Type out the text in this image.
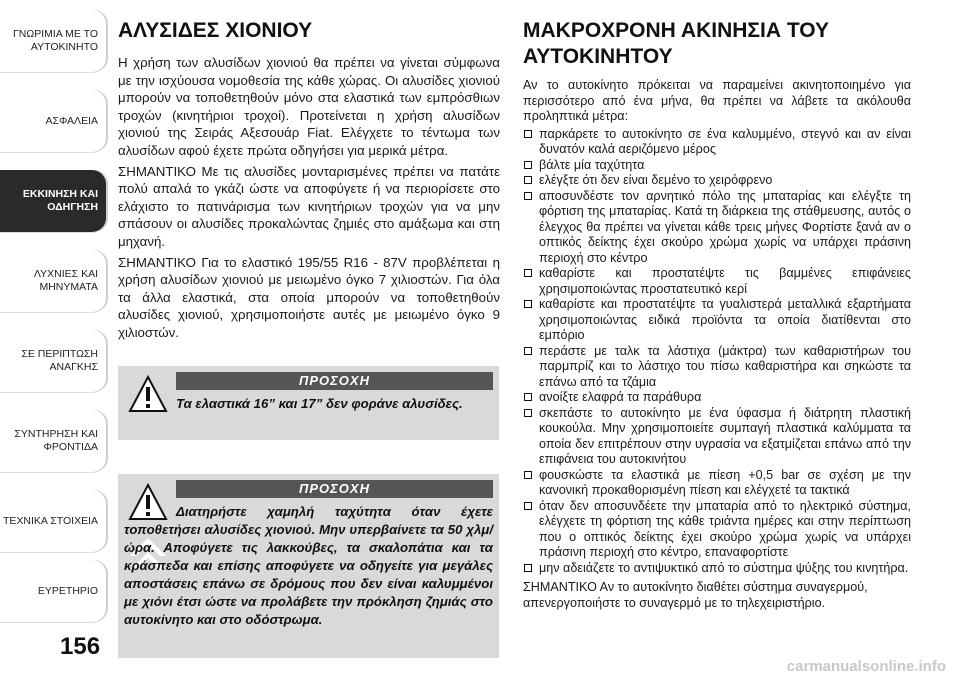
ΓΝΩΡΙΜΙΑ ΜΕ ΤΟ
ΑΥΤΟΚΙΝΗΤΟ
ΑΣΦΑΛΕΙΑ
ΕΚΚΙΝΗΣΗ ΚΑΙ
ΟΔΗΓΗΣΗ
ΛΥΧΝΙΕΣ ΚΑΙ
ΜΗΝΥΜΑΤΑ
ΣΕ ΠΕΡΙΠΤΩΣΗ
ΑΝΑΓΚΗΣ
ΣΥΝΤΗΡΗΣΗ ΚΑΙ
ΦΡΟΝΤΙΔΑ
ΤΕΧΝΙΚΑ ΣΤΟΙΧΕΙΑ
ΕΥΡΕΤΗΡΙΟ
156
ΑΛΥΣΙΔΕΣ ΧΙΟΝΙΟΥ

Η χρήση των αλυσίδων χιονιού θα πρέπει να γίνεται σύμφωνα με την ισχύουσα νομοθεσία της κάθε χώρας. Οι αλυσίδες χιονιού μπορούν να τοποθετηθούν μόνο στα ελαστικά των εμπρόσθιων τροχών (κινητήριοι τροχοί). Προτείνεται η χρήση αλυσίδων χιονιού της Σειράς Αξεσουάρ Fiat. Ελέγχετε το τέντωμα των αλυσίδων αφού έχετε πρώτα οδηγήσει για μερικά μέτρα.

ΣΗΜΑΝΤΙΚΟ Με τις αλυσίδες μονταρισμένες πρέπει να πατάτε πολύ απαλά το γκάζι ώστε να αποφύγετε ή να περιορίσετε στο ελάχιστο το πατινάρισμα των κινητήριων τροχών για να μην σπάσουν οι αλυσίδες προκαλώντας ζημιές στο αμάξωμα και στη μηχανή.

ΣΗΜΑΝΤΙΚΟ Για το ελαστικό 195/55 R16 - 87V προβλέπεται η χρήση αλυσίδων χιονιού με μειωμένο όγκο 7 χιλιοστών. Για όλα τα άλλα ελαστικά, στα οποία μπορούν να τοποθετηθούν αλυσίδες χιονιού, χρησιμοποιήστε αυτές με μειωμένο όγκο 9 χιλιοστών.

ΠΡΟΣΟΧΗ
Τα ελαστικά 16” και 17” δεν φοράνε αλυσίδες.
ΠΡΟΣΟΧΗ
Διατηρήστε χαμηλή ταχύτητα όταν έχετε τοποθετήσει αλυσίδες χιονιού. Μην υπερβαίνετε τα 50 χλμ/ώρα. Αποφύγετε τις λακκούβες, τα σκαλοπάτια και τα κράσπεδα και επίσης αποφύγετε να οδηγείτε για μεγάλες αποστάσεις επάνω σε δρόμους που δεν είναι καλυμμένοι με χιόνι έτσι ώστε να προλάβετε την πρόκληση ζημιάς στο αυτοκίνητο και στο οδόστρωμα.
ΜΑΚΡΟΧΡΟΝΗ ΑΚΙΝΗΣΙΑ ΤΟΥ
ΑΥΤΟΚΙΝΗΤΟΥ

Αν το αυτοκίνητο πρόκειται να παραμείνει ακινητοποιημένο για περισσότερο από ένα μήνα, θα πρέπει να λάβετε τα ακόλουθα προληπτικά μέτρα:

παρκάρετε το αυτοκίνητο σε ένα καλυμμένο, στεγνό και αν είναι δυνατόν καλά αεριζόμενο μέρος
βάλτε μία ταχύτητα
ελέγξτε ότι δεν είναι δεμένο το χειρόφρενο
αποσυνδέστε τον αρνητικό πόλο της μπαταρίας και ελέγξτε τη φόρτιση της μπαταρίας. Κατά τη διάρκεια της στάθμευσης, αυτός ο έλεγχος θα πρέπει να γίνεται κάθε τρεις μήνες Φορτίστε ξανά αν ο οπτικός δείκτης έχει σκούρο χρώμα χωρίς να υπάρχει πράσινη περιοχή στο κέντρο
καθαρίστε και προστατέψτε τις βαμμένες επιφάνειες χρησιμοποιώντας προστατευτικό κερί
καθαρίστε και προστατέψτε τα γυαλιστερά μεταλλικά εξαρτήματα χρησιμοποιώντας ειδικά προϊόντα τα οποία διατίθενται στο εμπόριο
περάστε με ταλκ τα λάστιχα (μάκτρα) των καθαριστήρων του παρμπρίζ και το λάστιχο του πίσω καθαριστήρα και σηκώστε τα επάνω από τα τζάμια
ανοίξτε ελαφρά τα παράθυρα
σκεπάστε το αυτοκίνητο με ένα ύφασμα ή διάτρητη πλαστική κουκούλα. Μην χρησιμοποιείτε συμπαγή πλαστικά καλύμματα τα οποία δεν επιτρέπουν στην υγρασία να εξατμίζεται επάνω από την επιφάνεια του αυτοκινήτου
φουσκώστε τα ελαστικά με πίεση +0,5 bar σε σχέση με την κανονική προκαθορισμένη πίεση και ελέγχετέ τα τακτικά
όταν δεν αποσυνδέετε την μπαταρία από το ηλεκτρικό σύστημα, ελέγχετε τη φόρτιση της κάθε τριάντα ημέρες και στην περίπτωση που ο οπτικός δείκτης έχει σκούρο χρώμα χωρίς να υπάρχει πράσινη περιοχή στο κέντρο, επαναφορτίστε
μην αδειάζετε το αντιψυκτικό από το σύστημα ψύξης του κινητήρα.
ΣΗΜΑΝΤΙΚΟ Αν το αυτοκίνητο διαθέτει σύστημα συναγερμού, απενεργοποιήστε το συναγερμό με το τηλεχειριστήριο.
carmanualsonline.info
